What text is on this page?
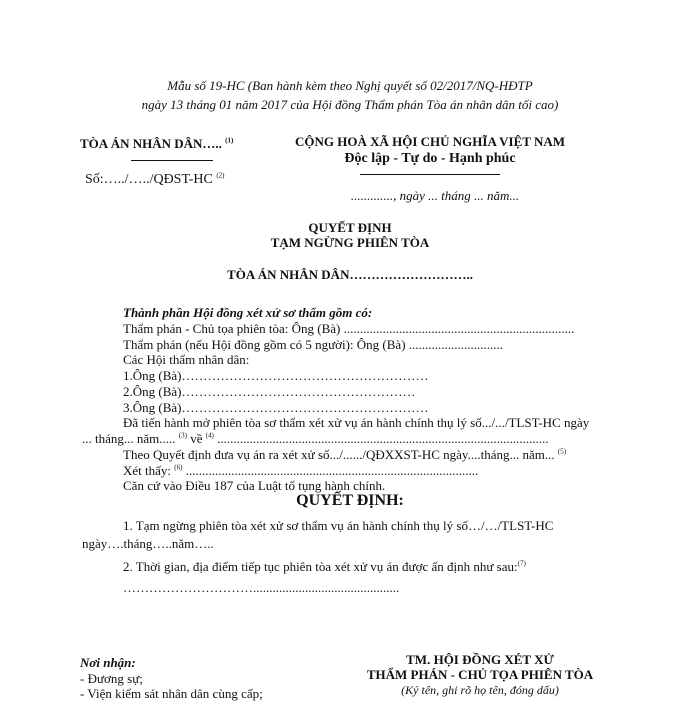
Mẫu số 19-HC (Ban hành kèm theo Nghị quyết số 02/2017/NQ-HĐTP
ngày 13 tháng 01 năm 2017 của Hội đồng Thẩm phán Tòa án nhân dân tối cao)
TÒA ÁN NHÂN DÂN….. $^{(1)}$
Số:…../…../QĐST-HC $^{(2)}$
CỘNG HOÀ XÃ HỘI CHỦ NGHĨA VIỆT NAM
Độc lập - Tự do - Hạnh phúc
............., ngày ... tháng ... năm...
QUYẾT ĐỊNH
TẠM NGỪNG PHIÊN TÒA
TÒA ÁN NHÂN DÂN………………………..
Thành phần Hội đồng xét xử sơ thẩm gồm có:
Thẩm phán - Chủ tọa phiên tòa: Ông (Bà) .......................................................................
Thẩm phán (nếu Hội đồng gồm có 5 người): Ông (Bà) .............................
Các Hội thẩm nhân dân:
1.Ông (Bà)…………………………………………………
2.Ông (Bà)………………………………………………
3.Ông (Bà)…………………………………………………
Đã tiến hành mở phiên tòa sơ thẩm xét xử vụ án hành chính thụ lý số.../.../TLST-HC ngày
... tháng... năm..... $^{(3)}$ về $^{(4)}$ ......................................................................................................
Theo Quyết định đưa vụ án ra xét xử số.../....../QĐXXST-HC ngày....tháng... năm... $^{(5)}$
Xét thấy: $^{(6)}$ ..........................................................................................
Căn cứ vào Điều 187 của Luật tố tụng hành chính.
QUYẾT ĐỊNH:
1. Tạm ngừng phiên tòa xét xử sơ thẩm vụ án hành chính thụ lý số…/…/TLST-HC
ngày….tháng…..năm…..
2. Thời gian, địa điểm tiếp tục phiên tòa xét xử vụ án được ấn định như sau:$^{(7)}$
………………………….............................................
Nơi nhận:
- Đương sự;
- Viện kiểm sát nhân dân cùng cấp;
TM. HỘI ĐỒNG XÉT XỬ
THẨM PHÁN - CHỦ TỌA PHIÊN TÒA
(Ký tên, ghi rõ họ tên, đóng dấu)
